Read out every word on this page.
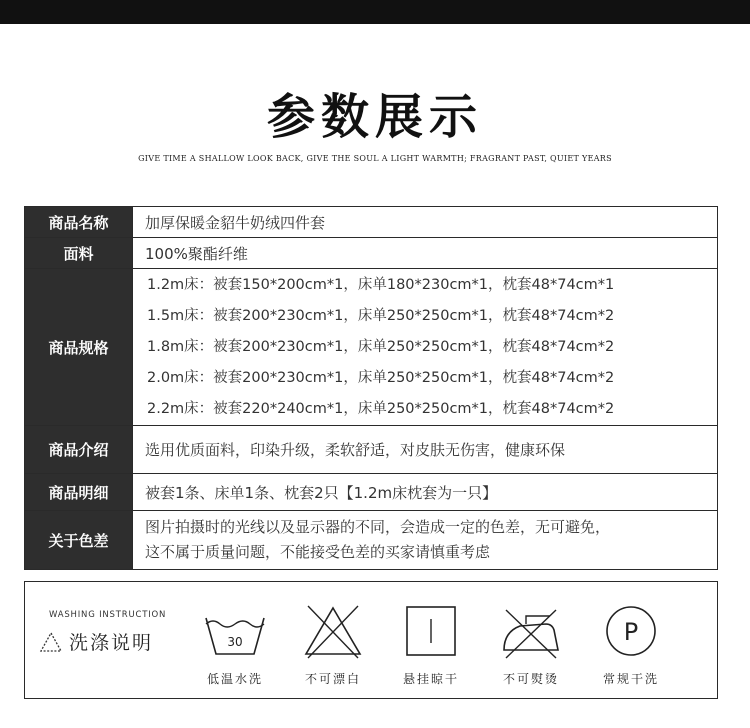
参数展示
GIVE TIME A SHALLOW LOOK BACK, GIVE THE SOUL A LIGHT WARMTH; FRAGRANT PAST, QUIET YEARS
商品名称	加厚保暖金貂牛奶绒四件套
面料	100%聚酯纤维
商品规格	1.2m床：被套150*200cm*1，床单180*230cm*1，枕套48*74cm*1
1.5m床：被套200*230cm*1，床单250*250cm*1，枕套48*74cm*2
1.8m床：被套200*230cm*1，床单250*250cm*1，枕套48*74cm*2
2.0m床：被套200*230cm*1，床单250*250cm*1，枕套48*74cm*2
2.2m床：被套220*240cm*1，床单250*250cm*1，枕套48*74cm*2

商品介绍	选用优质面料，印染升级，柔软舒适，对皮肤无伤害，健康环保
商品明细	被套1条、床单1条、枕套2只【1.2m床枕套为一只】
关于色差	图片拍摄时的光线以及显示器的不同，会造成一定的色差，无可避免，
这不属于质量问题，不能接受色差的买家请慎重考虑
WASHING INSTRUCTION
洗涤说明	30
低温水洗	不可漂白	悬挂晾干	不可熨烫
P
常规干洗
